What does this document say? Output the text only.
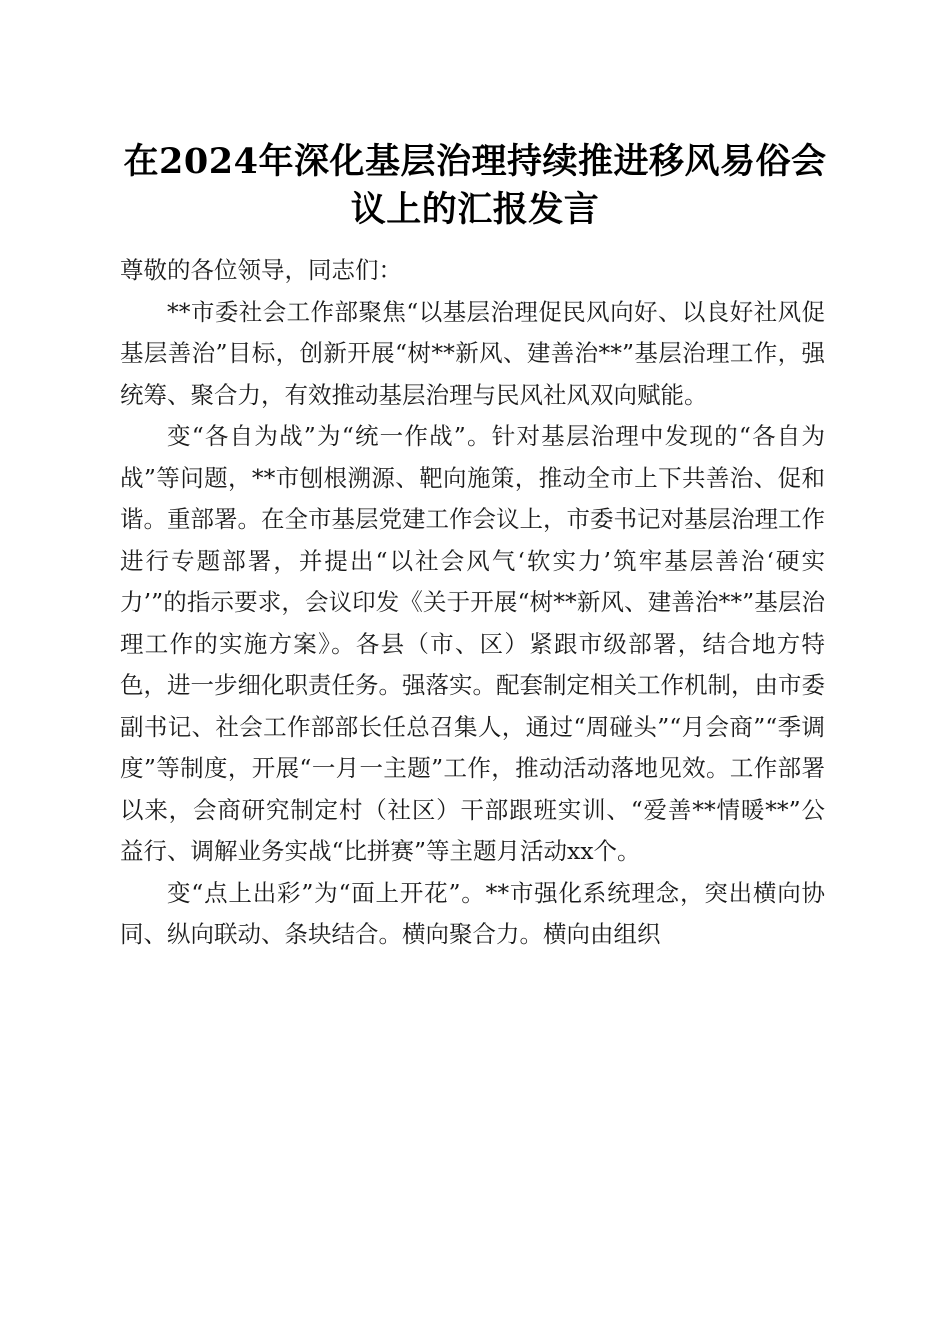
在2024年深化基层治理持续推进移风易俗会议上的汇报发言

尊敬的各位领导，同志们：

**市委社会工作部聚焦“以基层治理促民风向好、以良好社风促基层善治”目标，创新开展“树**新风、建善治**”基层治理工作，强统筹、聚合力，有效推动基层治理与民风社风双向赋能。

变“各自为战”为“统一作战”。针对基层治理中发现的“各自为战”等问题，**市刨根溯源、靶向施策，推动全市上下共善治、促和谐。重部署。在全市基层党建工作会议上，市委书记对基层治理工作进行专题部署，并提出“以社会风气‘软实力’筑牢基层善治‘硬实力’”的指示要求，会议印发《关于开展“树**新风、建善治**”基层治理工作的实施方案》。各县（市、区）紧跟市级部署，结合地方特色，进一步细化职责任务。强落实。配套制定相关工作机制，由市委副书记、社会工作部部长任总召集人，通过“周碰头”“月会商”“季调度”等制度，开展“一月一主题”工作，推动活动落地见效。工作部署以来，会商研究制定村（社区）干部跟班实训、“爱善**情暖**”公益行、调解业务实战“比拼赛”等主题月活动xx个。

变“点上出彩”为“面上开花”。**市强化系统理念，突出横向协同、纵向联动、条块结合。横向聚合力。横向由组织
